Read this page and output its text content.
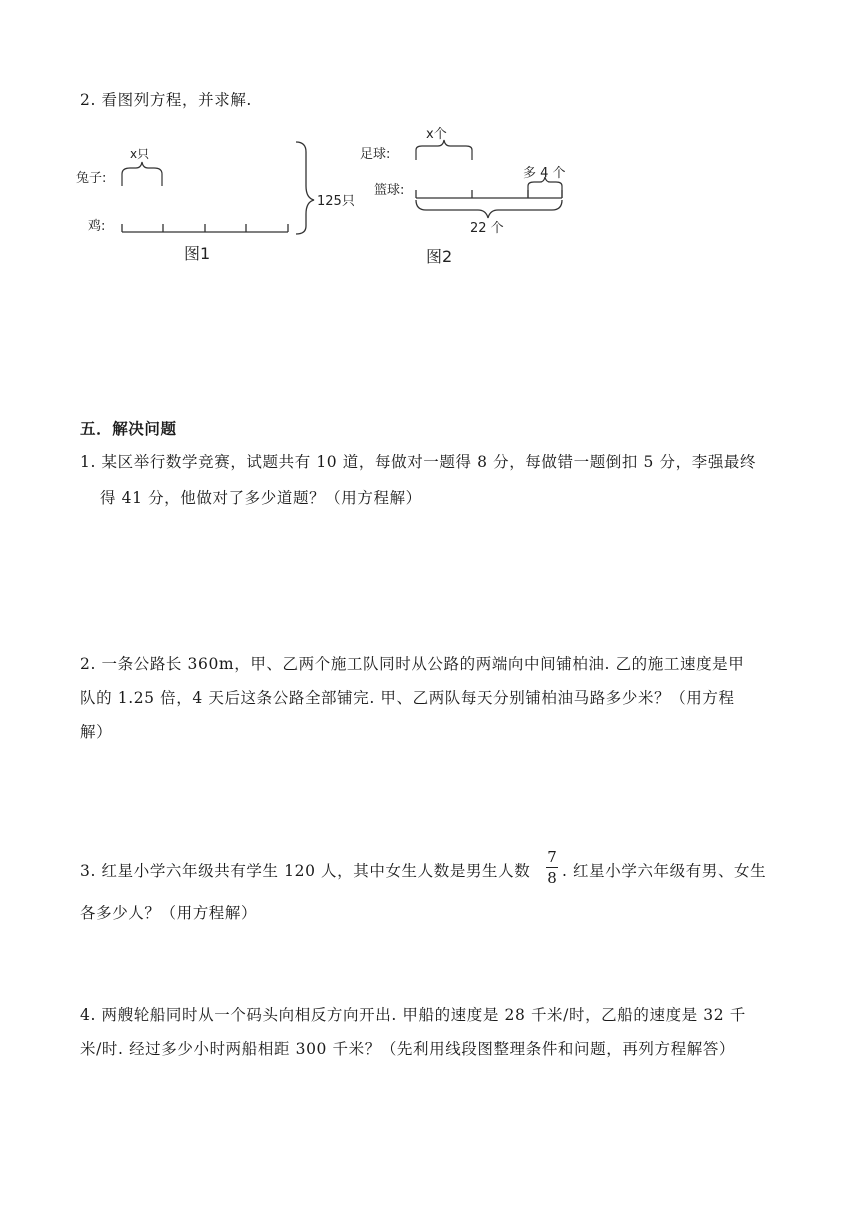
2. 看图列方程，并求解.
兔子:
鸡:
x只
125只
图1
x个
足球:
多 4 个
篮球:
22 个
图2
五．解决问题
1. 某区举行数学竞赛，试题共有 10 道，每做对一题得 8 分，每做错一题倒扣 5 分，李强最终
得 41 分，他做对了多少道题？（用方程解）
2. 一条公路长 360m，甲、乙两个施工队同时从公路的两端向中间铺柏油. 乙的施工速度是甲
队的 1.25 倍，4 天后这条公路全部铺完. 甲、乙两队每天分别铺柏油马路多少米？（用方程
解）
3. 红星小学六年级共有学生 120 人，其中女生人数是男生人数
7
8 . 红星小学六年级有男、女生
各多少人？（用方程解）
4. 两艘轮船同时从一个码头向相反方向开出. 甲船的速度是 28 千米/时，乙船的速度是 32 千
米/时. 经过多少小时两船相距 300 千米？（先利用线段图整理条件和问题，再列方程解答）
